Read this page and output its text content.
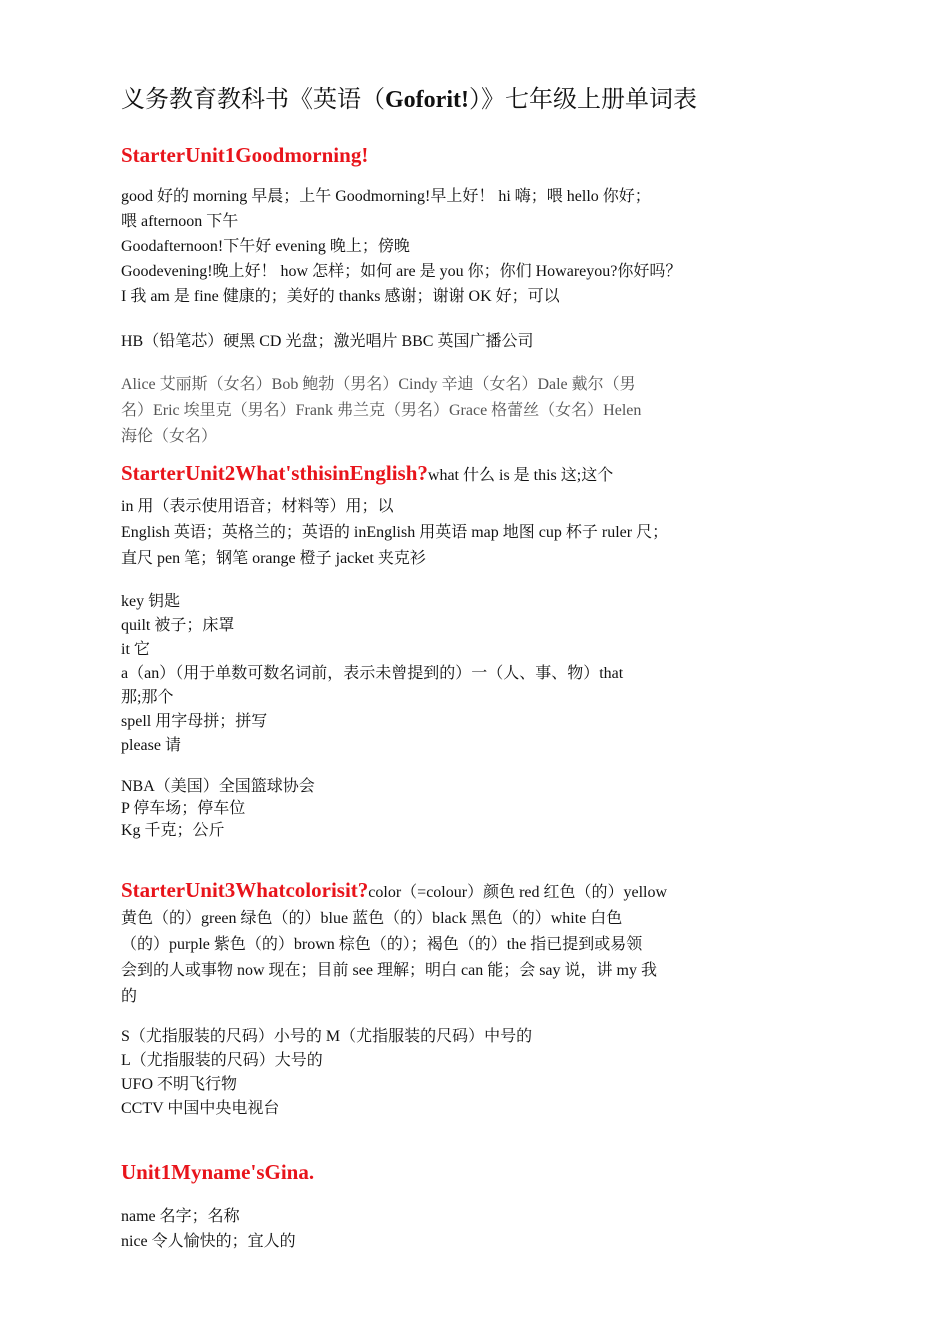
义务教育教科书《英语（Goforit!）》七年级上册单词表
StarterUnit1Goodmorning!
good 好的 morning 早晨；上午 Goodmorning!早上好！ hi 嗨；喂 hello 你好；
喂 afternoon 下午
Goodafternoon!下午好 evening 晚上；傍晚
Goodevening!晚上好！ how 怎样；如何 are 是 you 你；你们 Howareyou?你好吗？
I 我 am 是 fine 健康的；美好的 thanks 感谢；谢谢 OK 好；可以
HB（铅笔芯）硬黑 CD 光盘；激光唱片 BBC 英国广播公司
Alice 艾丽斯（女名）Bob 鲍勃（男名）Cindy 辛迪（女名）Dale 戴尔（男
名）Eric 埃里克（男名）Frank 弗兰克（男名）Grace 格蕾丝（女名）Helen
海伦（女名）
StarterUnit2What'sthisinEnglish?what 什么 is 是 this 这;这个
in 用（表示使用语音；材料等）用；以
English 英语；英格兰的；英语的 inEnglish 用英语 map 地图 cup 杯子 ruler 尺；
直尺 pen 笔；钢笔 orange 橙子 jacket 夹克衫
key 钥匙
quilt 被子；床罩
it 它
a（an）（用于单数可数名词前，表示未曾提到的）一（人、事、物）that
那;那个
spell 用字母拼；拼写
please 请
NBA（美国）全国篮球协会
P 停车场；停车位
Kg 千克；公斤
StarterUnit3Whatcolorisit?color（=colour）颜色 red 红色（的）yellow
黄色（的）green 绿色（的）blue 蓝色（的）black 黑色（的）white 白色
（的）purple 紫色（的）brown 棕色（的）；褐色（的）the 指已提到或易领
会到的人或事物 now 现在；目前 see 理解；明白 can 能；会 say 说，讲 my 我
的
S（尤指服装的尺码）小号的 M（尤指服装的尺码）中号的
L（尤指服装的尺码）大号的
UFO 不明飞行物
CCTV 中国中央电视台
Unit1Myname'sGina.
name 名字；名称
nice 令人愉快的；宜人的
